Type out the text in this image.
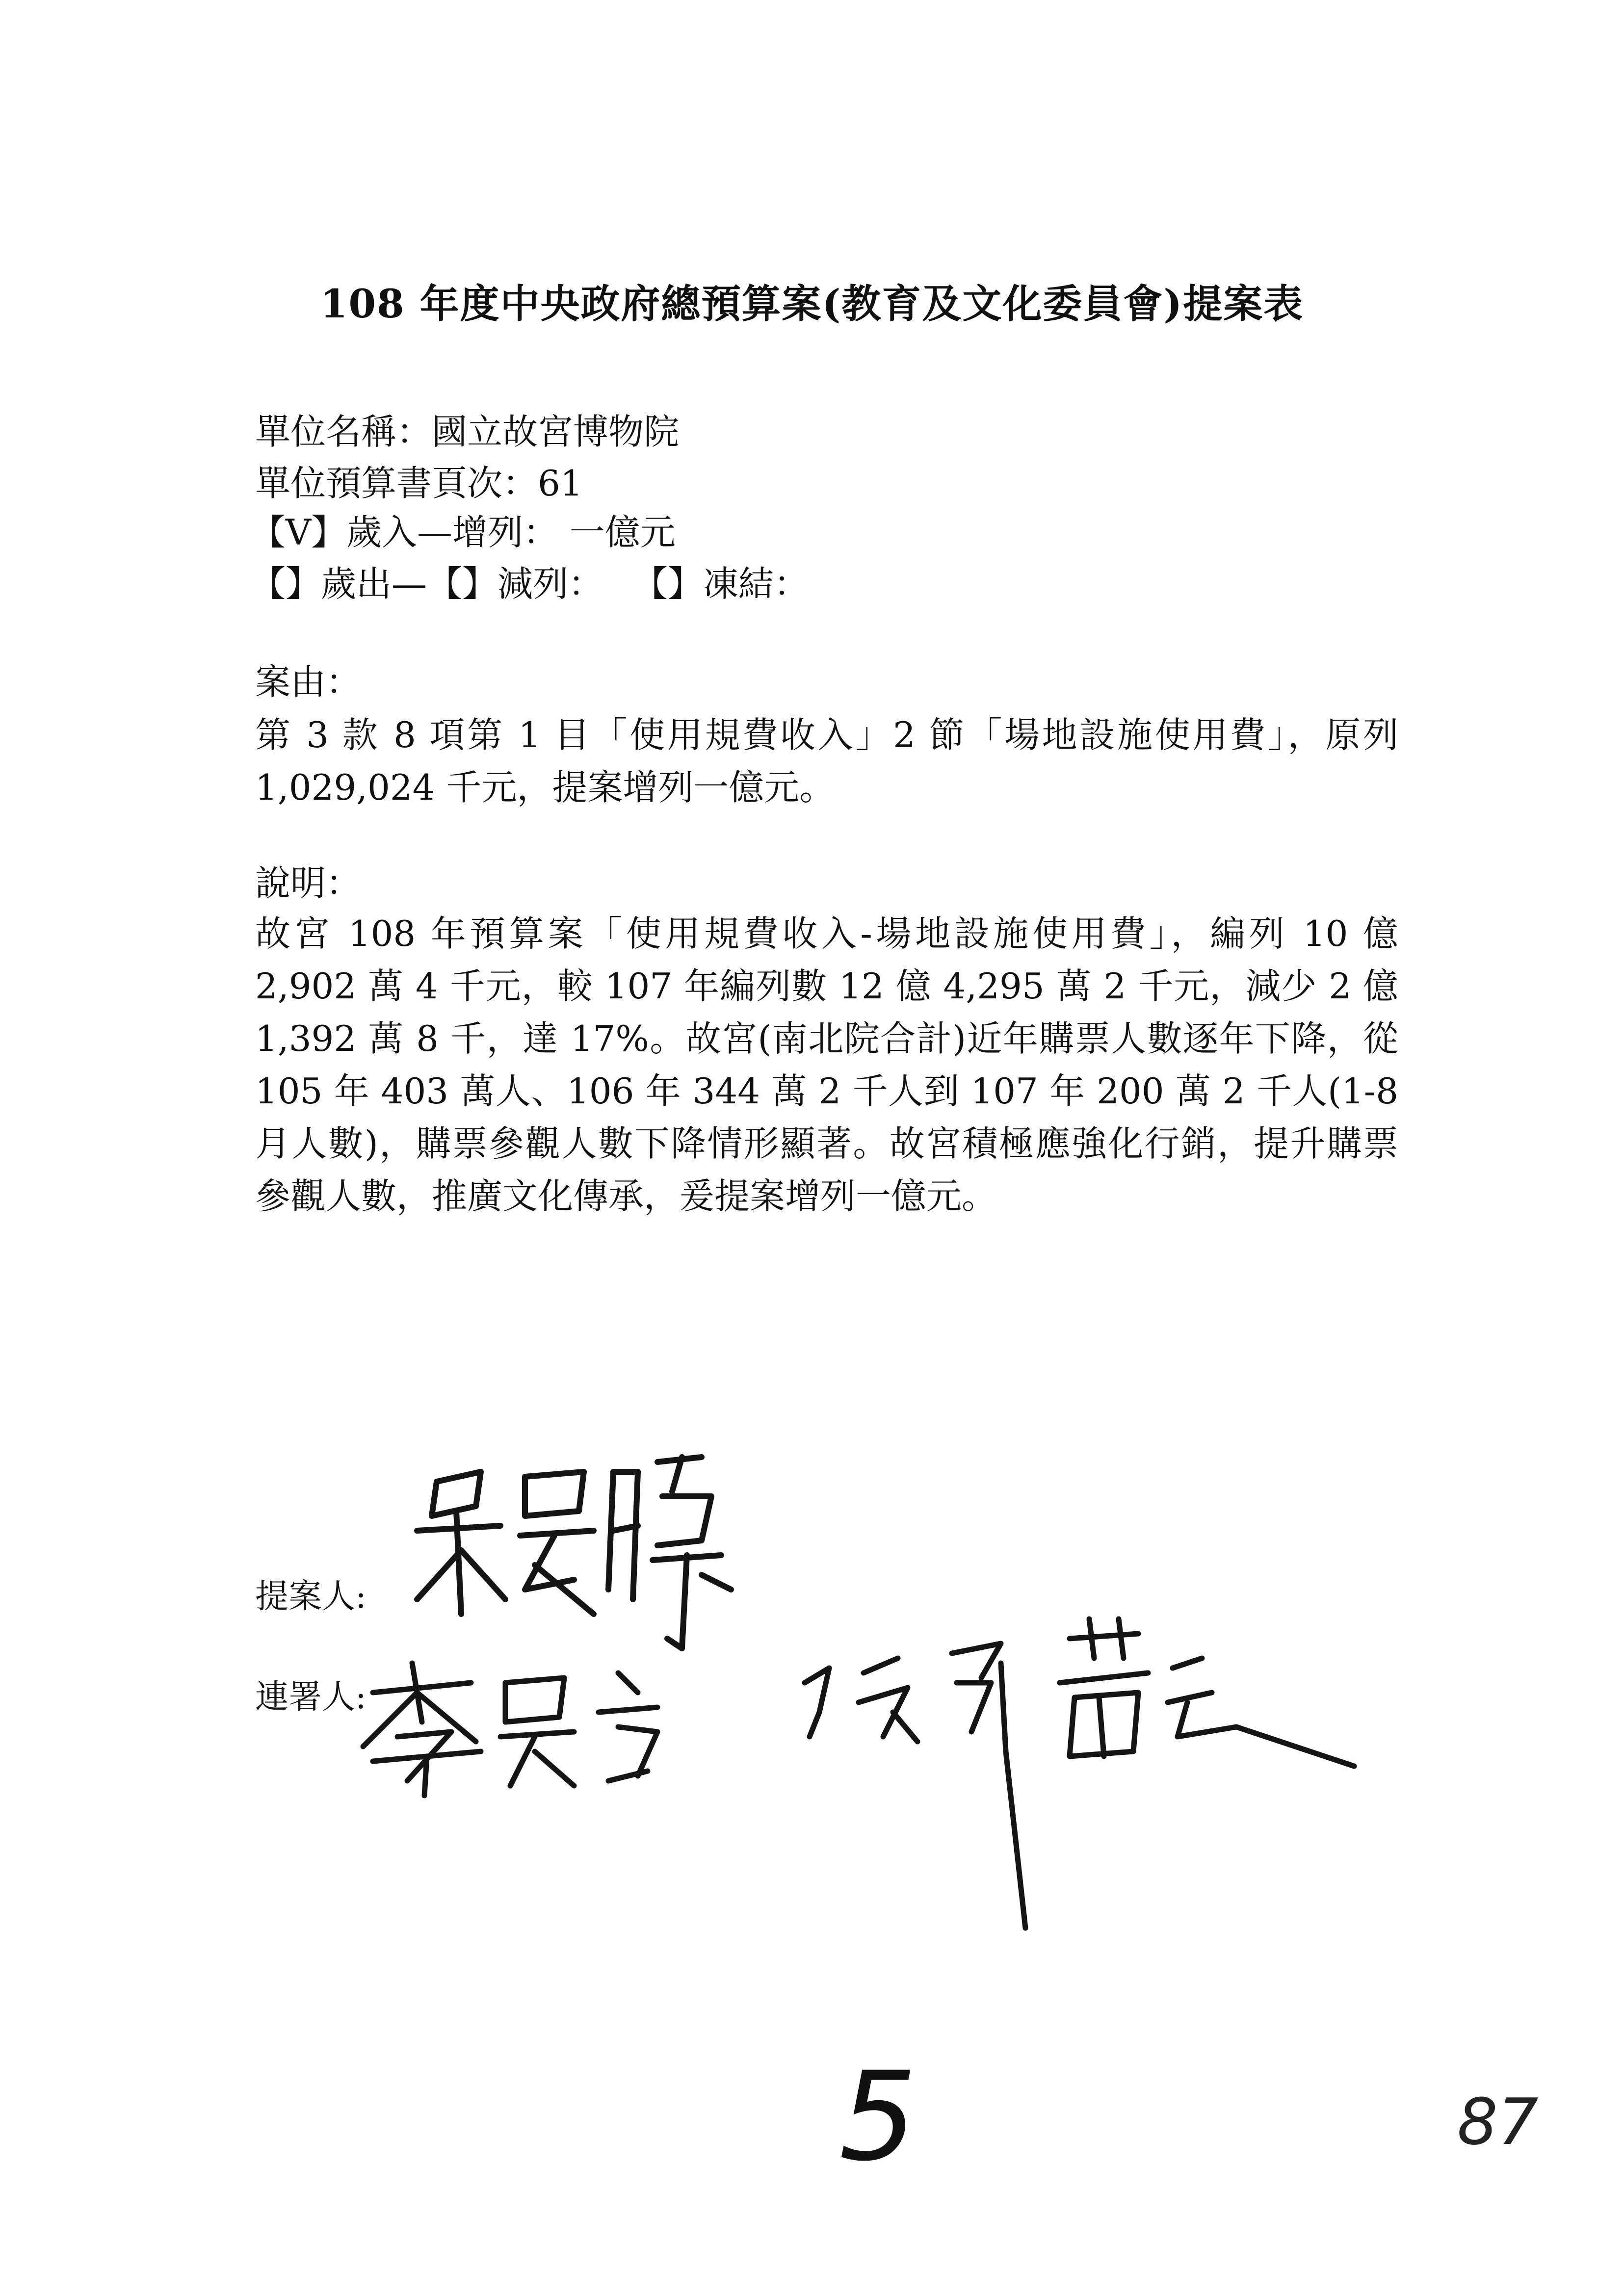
108 年度中央政府總預算案(教育及文化委員會)提案表
單位名稱：國立故宮博物院
單位預算書頁次：61
【V】歲入—增列： 一億元
【】歲出—【】減列：　 【】凍結：
案由：
第 3 款 8 項第 1 目「使用規費收入」2 節「場地設施使用費」，原列 1,029,024 千元，提案增列一億元。
說明：
故宮 108 年預算案「使用規費收入-場地設施使用費」，編列 10 億 2,902 萬 4 千元，較 107 年編列數 12 億 4,295 萬 2 千元，減少 2 億 1,392 萬 8 千，達 17%。故宮(南北院合計)近年購票人數逐年下降，從 105 年 403 萬人、106 年 344 萬 2 千人到 107 年 200 萬 2 千人(1-8 月人數)，購票參觀人數下降情形顯著。故宮積極應強化行銷，提升購票參觀人數，推廣文化傳承，爰提案增列一億元。
提案人:
連署人:
5	87
